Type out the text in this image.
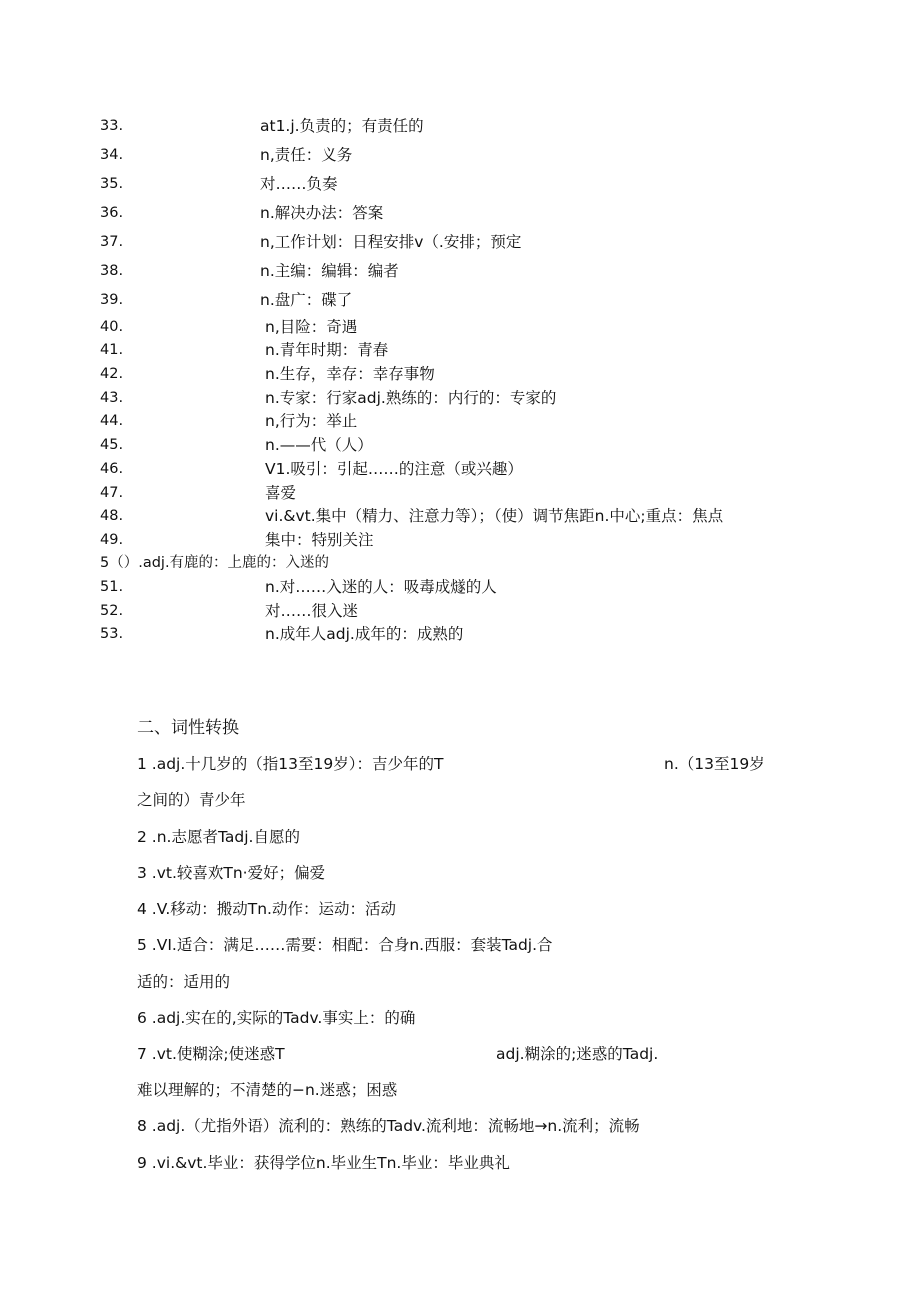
33.	at1.j.负责的；有责任的
34.	n,责任：义务
35.	对……负奏
36.	n.解决办法：答案
37.	n,工作计划：日程安排v（.安排；预定
38.	n.主编：编辑：编者
39.	n.盘广：碟了
40.	n,目险：奇遇
41.	n.青年时期：青春
42.	n.生存，幸存：幸存事物
43.	n.专家：行家adj.熟练的：内行的：专家的
44.	n,行为：举止
45.	n.——代（人）
46.	V1.吸引：引起……的注意（或兴趣）
47.	喜爱
48.	vi.&vt.集中（精力、注意力等）；（使）调节焦距n.中心;重点：焦点
49.	集中：特别关注
5（）.adj.有鹿的：上鹿的：入迷的
51.	n.对……入迷的人：吸毒成燧的人
52.	对……很入迷
53.	n.成年人adj.成年的：成熟的
二、词性转换
1 .adj.十几岁的（指13至19岁）：吉少年的T	n.（13至19岁
之间的）青少年
2 .n.志愿者Tadj.自愿的
3 .vt.较喜欢Tn·爱好；偏爱
4 .V.移动：搬动Tn.动作：运动：活动
5 .VI.适合：满足……需要：相配：合身n.西服：套装Tadj.合
适的：适用的
6 .adj.实在的,实际的Tadv.事实上：的确
7 .vt.使糊涂;使迷惑T	adj.糊涂的;迷惑的Tadj.
难以理解的；不清楚的−n.迷惑；困惑
8 .adj.（尤指外语）流利的：熟练的Tadv.流利地：流畅地→n.流利；流畅
9 .vi.&vt.毕业：获得学位n.毕业生Tn.毕业：毕业典礼
